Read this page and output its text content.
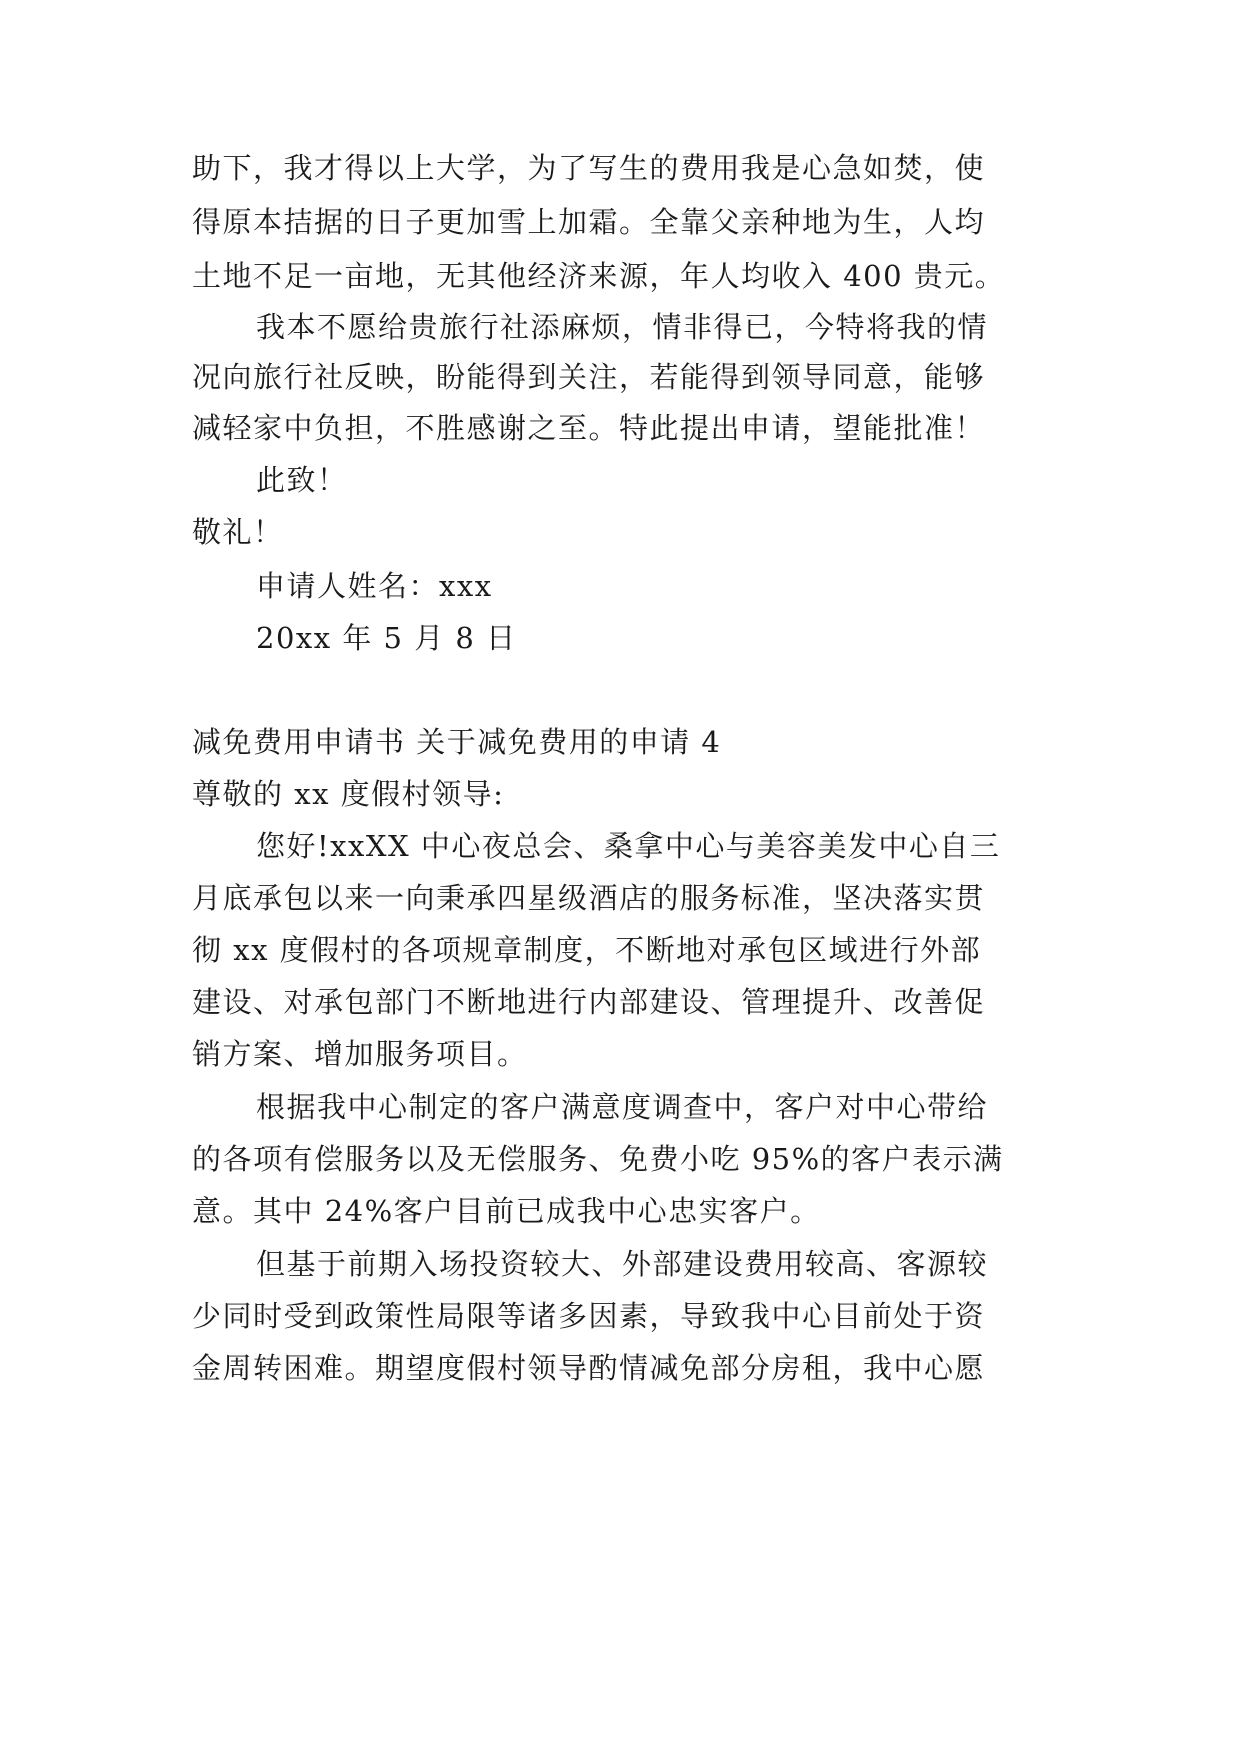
助下，我才得以上大学，为了写生的费用我是心急如焚，使
得原本拮据的日子更加雪上加霜。全靠父亲种地为生，人均
土地不足一亩地，无其他经济来源，年人均收入 400 贵元。
我本不愿给贵旅行社添麻烦，情非得已，今特将我的情
况向旅行社反映，盼能得到关注，若能得到领导同意，能够
减轻家中负担，不胜感谢之至。特此提出申请，望能批准！
此致！
敬礼！
申请人姓名：xxx
20xx 年 5 月 8 日
减免费用申请书 关于减免费用的申请 4
尊敬的 xx 度假村领导:
您好!xxXX 中心夜总会、桑拿中心与美容美发中心自三
月底承包以来一向秉承四星级酒店的服务标准，坚决落实贯
彻 xx 度假村的各项规章制度，不断地对承包区域进行外部
建设、对承包部门不断地进行内部建设、管理提升、改善促
销方案、增加服务项目。
根据我中心制定的客户满意度调查中，客户对中心带给
的各项有偿服务以及无偿服务、免费小吃 95%的客户表示满
意。其中 24%客户目前已成我中心忠实客户。
但基于前期入场投资较大、外部建设费用较高、客源较
少同时受到政策性局限等诸多因素，导致我中心目前处于资
金周转困难。期望度假村领导酌情减免部分房租，我中心愿
